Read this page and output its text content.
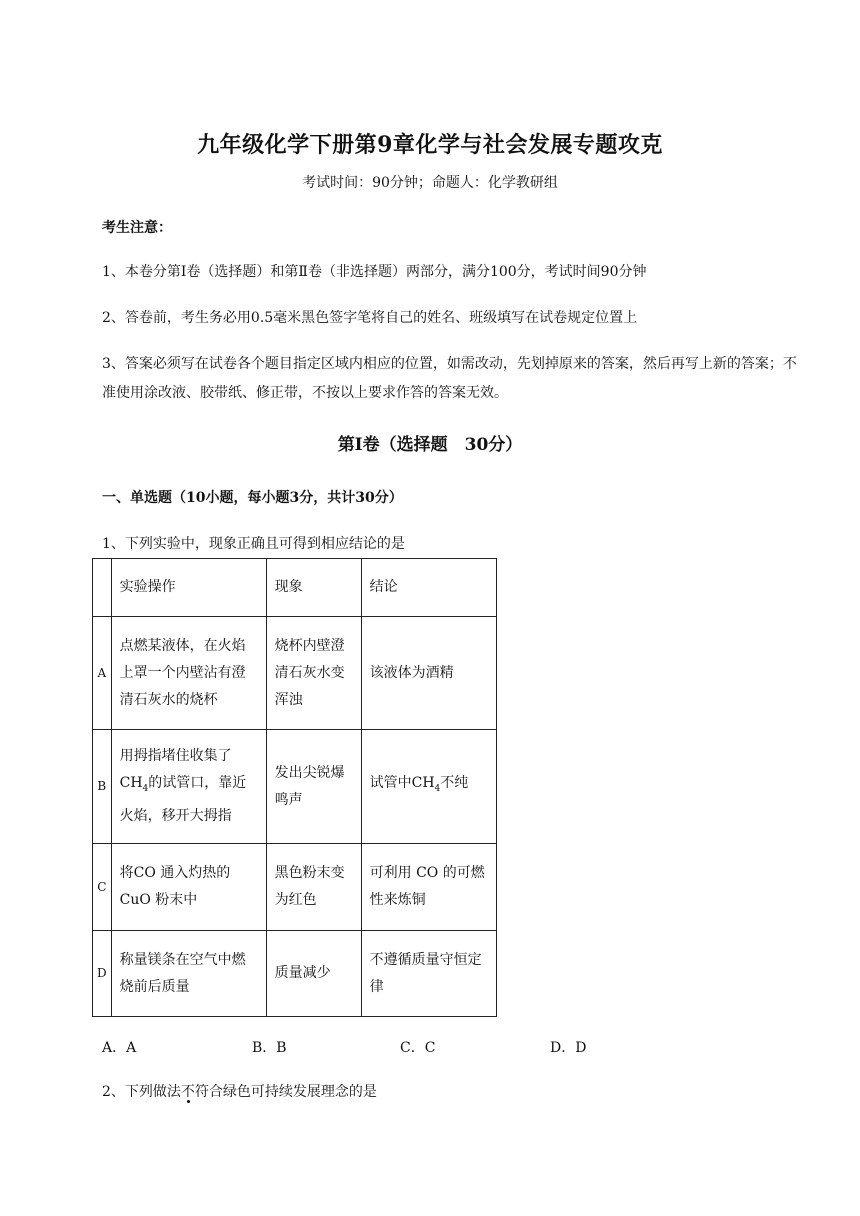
九年级化学下册第9章化学与社会发展专题攻克
考试时间：90分钟；命题人：化学教研组
考生注意：
1、本卷分第Ⅰ卷（选择题）和第Ⅱ卷（非选择题）两部分，满分100分，考试时间90分钟
2、答卷前，考生务必用0.5毫米黑色签字笔将自己的姓名、班级填写在试卷规定位置上
3、答案必须写在试卷各个题目指定区域内相应的位置，如需改动，先划掉原来的答案，然后再写上新的答案；不准使用涂改液、胶带纸、修正带，不按以上要求作答的答案无效。
第Ⅰ卷（选择题　30分）
一、单选题（10小题，每小题3分，共计30分）
1、下列实验中，现象正确且可得到相应结论的是
	实验操作	现象	结论
A	点燃某液体，在火焰上罩一个内壁沾有澄清石灰水的烧杯	烧杯内壁澄清石灰水变浑浊	该液体为酒精
B	用拇指堵住收集了$CH_4$的试管口，靠近火焰，移开大拇指	发出尖锐爆鸣声	试管中$CH_4$不纯
C	将CO 通入灼热的CuO 粉末中	黑色粉末变为红色	可利用 CO 的可燃性来炼铜
D	称量镁条在空气中燃烧前后质量	质量减少	不遵循质量守恒定律
A．A	B．B	C．C	D．D
2、下列做法不符合绿色可持续发展理念的是
